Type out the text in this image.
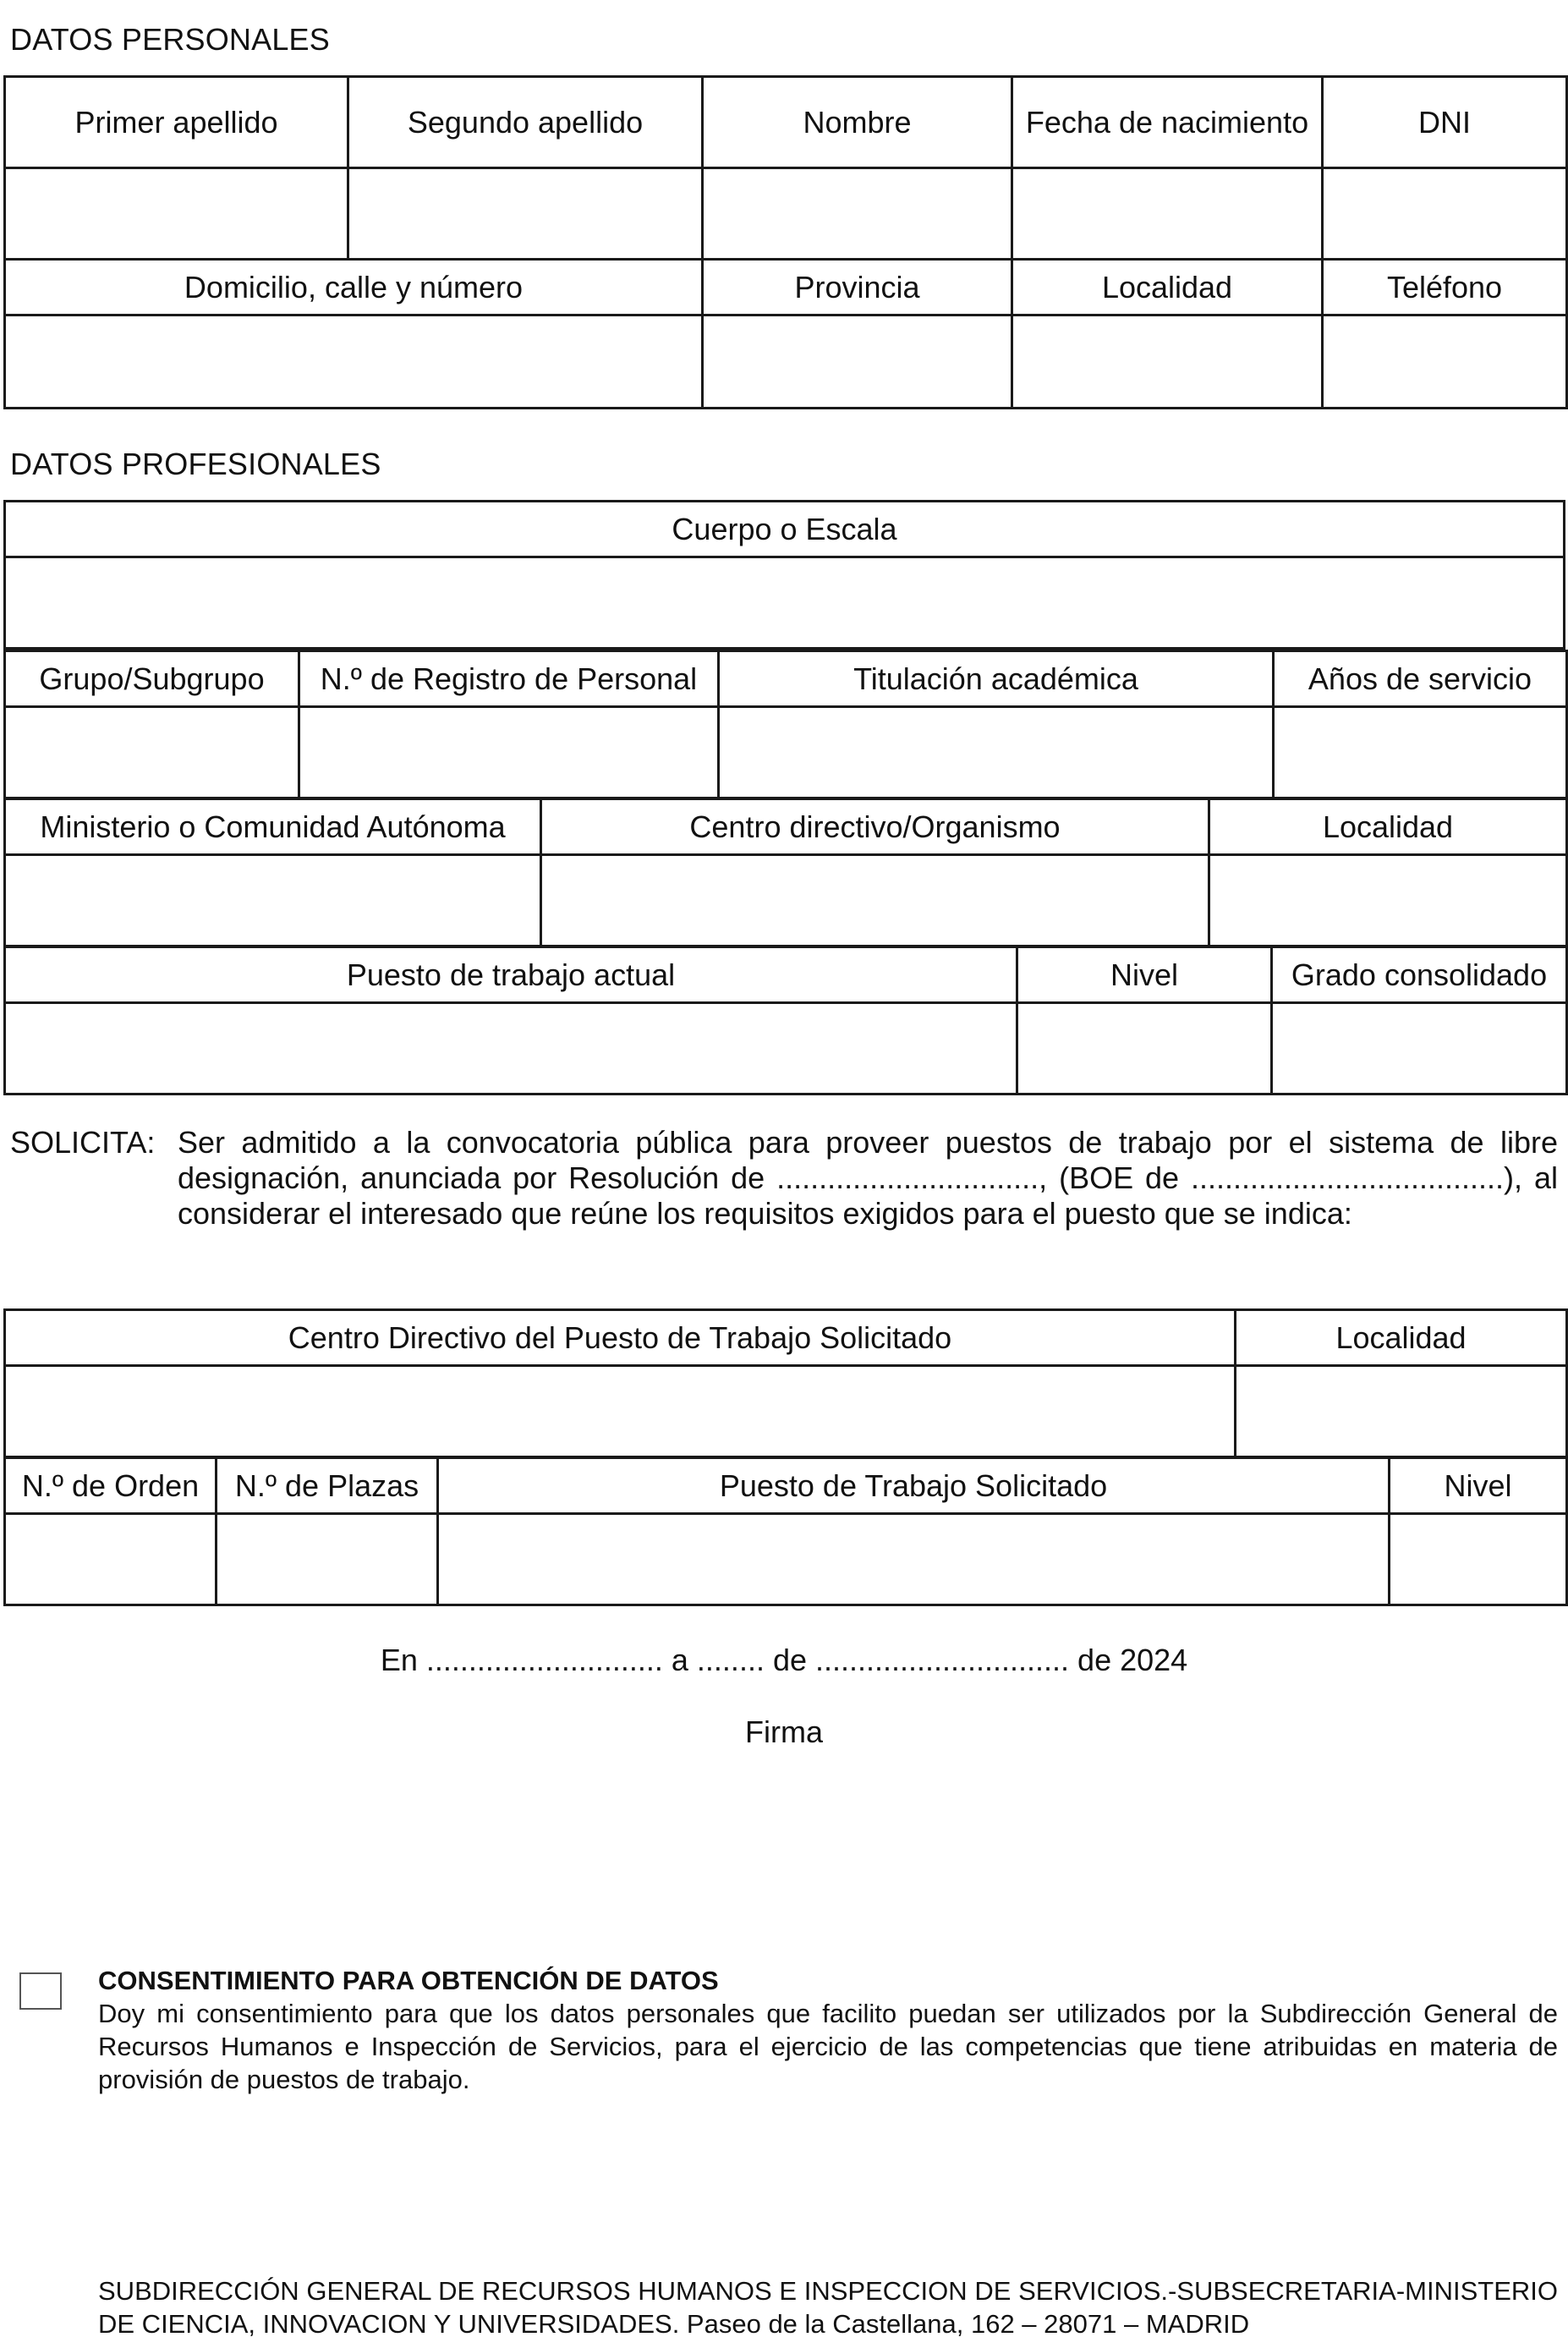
DATOS PERSONALES
Primer apellido	Segundo apellido	Nombre	Fecha de nacimiento	DNI

Domicilio, calle y número		Provincia	Localidad	Teléfono

DATOS PROFESIONALES
Cuerpo o Escala

Grupo/Subgrupo	N.º de Registro de Personal	Titulación académica	Años de servicio

Ministerio o Comunidad Autónoma	Centro directivo/Organismo	Localidad

Puesto de trabajo actual	Nivel	Grado consolidado

SOLICITA: Ser admitido a la convocatoria pública para proveer puestos de trabajo por el sistema de libre designación, anunciada por Resolución de ..............................., (BOE de .....................................), al considerar el interesado que reúne los requisitos exigidos para el puesto que se indica:
Centro Directivo del Puesto de Trabajo Solicitado	Localidad

N.º de Orden	N.º de Plazas	Puesto de Trabajo Solicitado	Nivel

En ............................ a ........ de .............................. de 2024
Firma
CONSENTIMIENTO PARA OBTENCIÓN DE DATOS
Doy mi consentimiento para que los datos personales que facilito puedan ser utilizados por la Subdirección General de Recursos Humanos e Inspección de Servicios, para el ejercicio de las competencias que tiene atribuidas en materia de provisión de puestos de trabajo.
SUBDIRECCIÓN GENERAL DE RECURSOS HUMANOS E INSPECCION DE SERVICIOS.-SUBSECRETARIA-MINISTERIO DE CIENCIA, INNOVACION Y UNIVERSIDADES. Paseo de la Castellana, 162 – 28071 – MADRID
